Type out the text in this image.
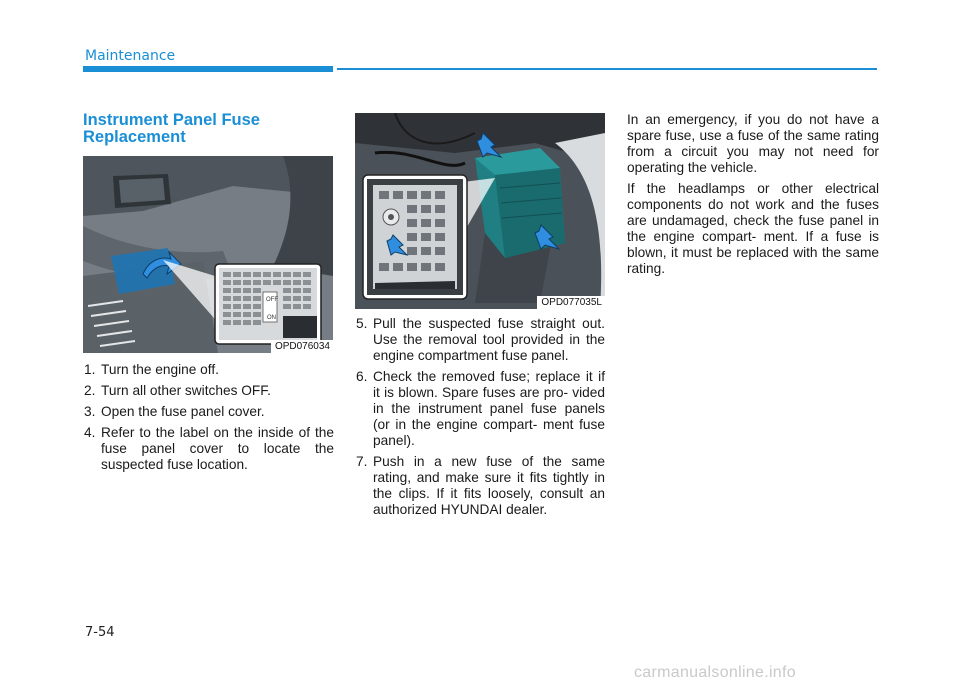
Maintenance
Instrument Panel Fuse
Replacement
OFF
ON
OPD076034
OPD077035L
1. Turn the engine off.
2. Turn all other switches OFF.
3. Open the fuse panel cover.
4. Refer to the label on the inside of the fuse panel cover to locate the suspected fuse location.
5. Pull the suspected fuse straight out. Use the removal tool provided in the engine compartment fuse panel.
6. Check the removed fuse; replace it if it is blown. Spare fuses are pro- vided in the instrument panel fuse panels (or in the engine compart- ment fuse panel).
7. Push in a new fuse of the same rating, and make sure it fits tightly in the clips. If it fits loosely, consult an authorized HYUNDAI dealer.

In an emergency, if you do not have a spare fuse, use a fuse of the same rating from a circuit you may not need for operating the vehicle.

If the headlamps or other electrical components do not work and the fuses are undamaged, check the fuse panel in the engine compart- ment. If a fuse is blown, it must be replaced with the same rating.

7-54
carmanualsonline.info
